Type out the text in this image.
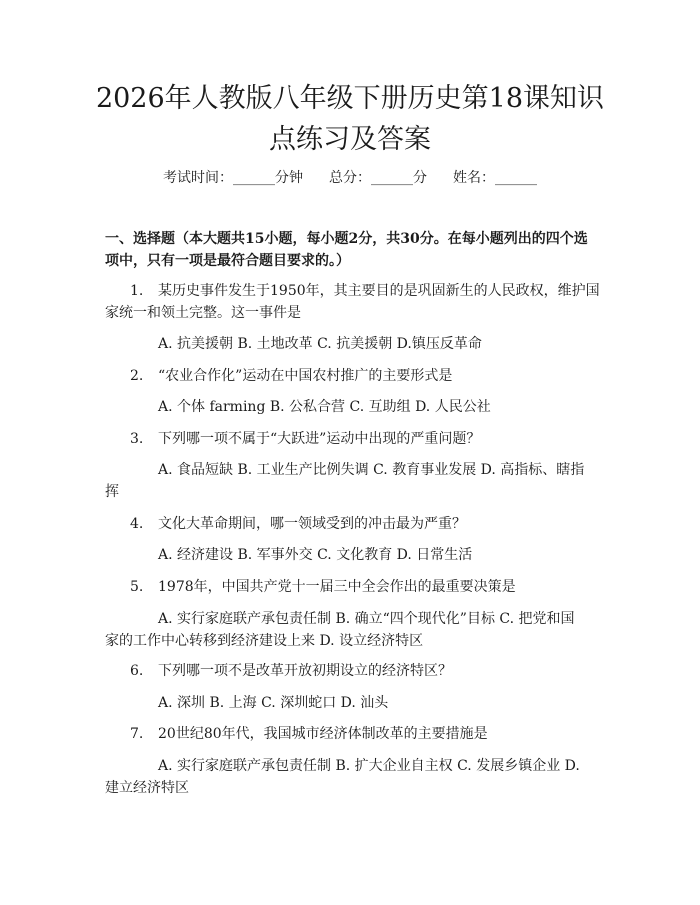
2026年人教版八年级下册历史第18课知识
点练习及答案
考试时间：______分钟 总分：______分 姓名：______

一、选择题（本大题共15小题，每小题2分，共30分。在每小题列出的四个选
项中，只有一项是最符合题目要求的。）

1. 某历史事件发生于1950年，其主要目的是巩固新生的人民政权，维护国
家统一和领土完整。这一事件是
A. 抗美援朝 B. 土地改革 C. 抗美援朝 D.镇压反革命
2. “农业合作化”运动在中国农村推广的主要形式是
A. 个体 farming B. 公私合营 C. 互助组 D. 人民公社
3. 下列哪一项不属于“大跃进”运动中出现的严重问题？
A. 食品短缺 B. 工业生产比例失调 C. 教育事业发展 D. 高指标、瞎指
挥
4. 文化大革命期间，哪一领域受到的冲击最为严重？
A. 经济建设 B. 军事外交 C. 文化教育 D. 日常生活
5. 1978年，中国共产党十一届三中全会作出的最重要决策是
A. 实行家庭联产承包责任制 B. 确立“四个现代化”目标 C. 把党和国
家的工作中心转移到经济建设上来 D. 设立经济特区
6. 下列哪一项不是改革开放初期设立的经济特区？
A. 深圳 B. 上海 C. 深圳蛇口 D. 汕头
7. 20世纪80年代，我国城市经济体制改革的主要措施是
A. 实行家庭联产承包责任制 B. 扩大企业自主权 C. 发展乡镇企业 D.
建立经济特区
